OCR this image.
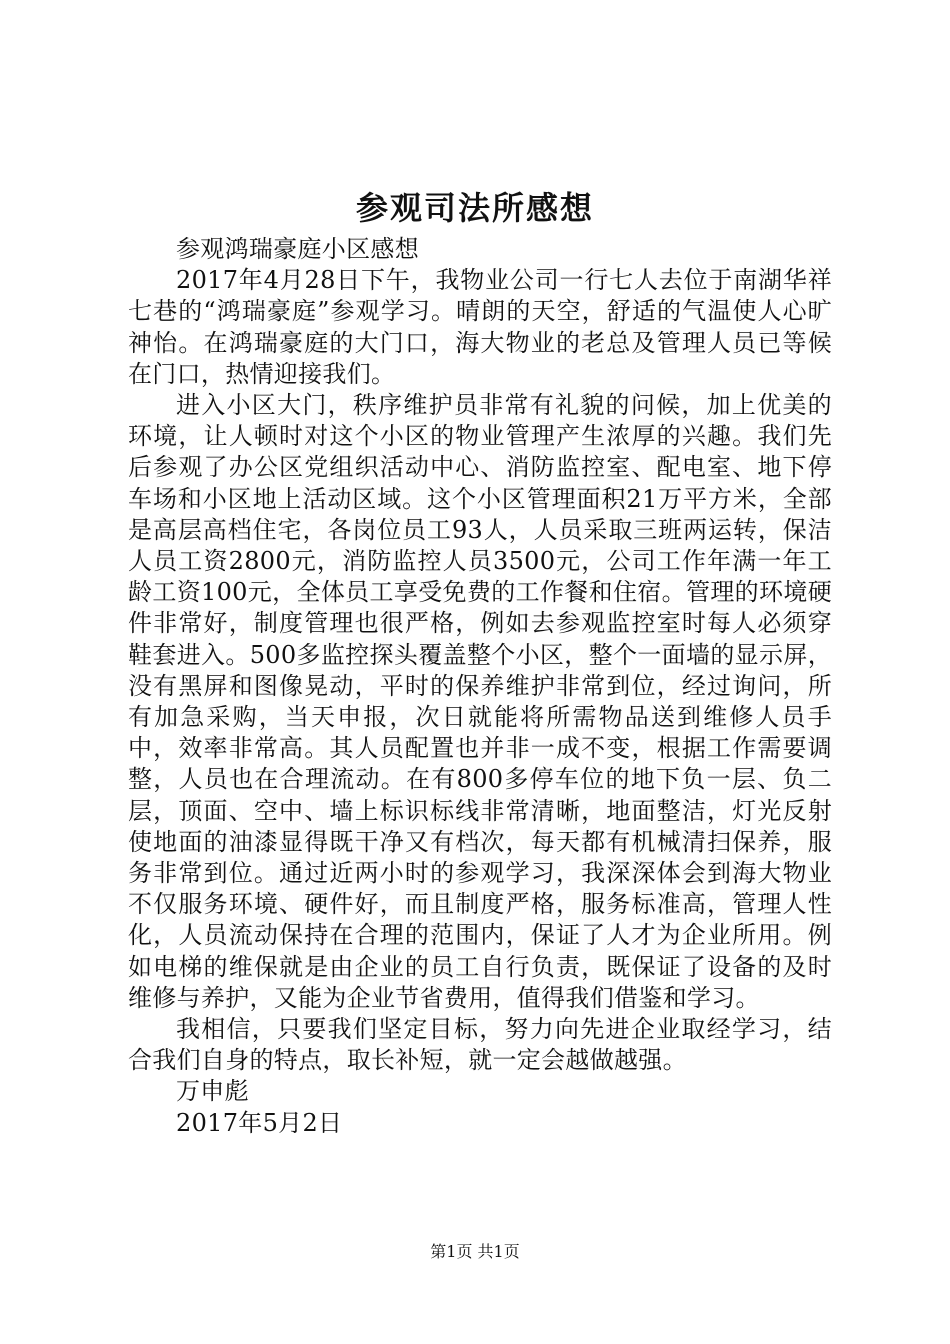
参观司法所感想

参观鸿瑞豪庭小区感想

2017年4月28日下午，我物业公司一行七人去位于南湖华祥七巷的“鸿瑞豪庭”参观学习。晴朗的天空，舒适的气温使人心旷神怡。在鸿瑞豪庭的大门口，海大物业的老总及管理人员已等候在门口，热情迎接我们。

进入小区大门，秩序维护员非常有礼貌的问候，加上优美的环境，让人顿时对这个小区的物业管理产生浓厚的兴趣。我们先后参观了办公区党组织活动中心、消防监控室、配电室、地下停车场和小区地上活动区域。这个小区管理面积21万平方米，全部是高层高档住宅，各岗位员工93人，人员采取三班两运转，保洁人员工资2800元，消防监控人员3500元，公司工作年满一年工龄工资100元，全体员工享受免费的工作餐和住宿。管理的环境硬件非常好，制度管理也很严格，例如去参观监控室时每人必须穿鞋套进入。500多监控探头覆盖整个小区，整个一面墙的显示屏，没有黑屏和图像晃动，平时的保养维护非常到位，经过询问，所有加急采购，当天申报，次日就能将所需物品送到维修人员手中，效率非常高。其人员配置也并非一成不变，根据工作需要调整，人员也在合理流动。在有800多停车位的地下负一层、负二层，顶面、空中、墙上标识标线非常清晰，地面整洁，灯光反射使地面的油漆显得既干净又有档次，每天都有机械清扫保养，服务非常到位。通过近两小时的参观学习，我深深体会到海大物业不仅服务环境、硬件好，而且制度严格，服务标准高，管理人性化，人员流动保持在合理的范围内，保证了人才为企业所用。例如电梯的维保就是由企业的员工自行负责，既保证了设备的及时维修与养护，又能为企业节省费用，值得我们借鉴和学习。

我相信，只要我们坚定目标，努力向先进企业取经学习，结合我们自身的特点，取长补短，就一定会越做越强。

万申彪

2017年5月2日

第1页 共1页
